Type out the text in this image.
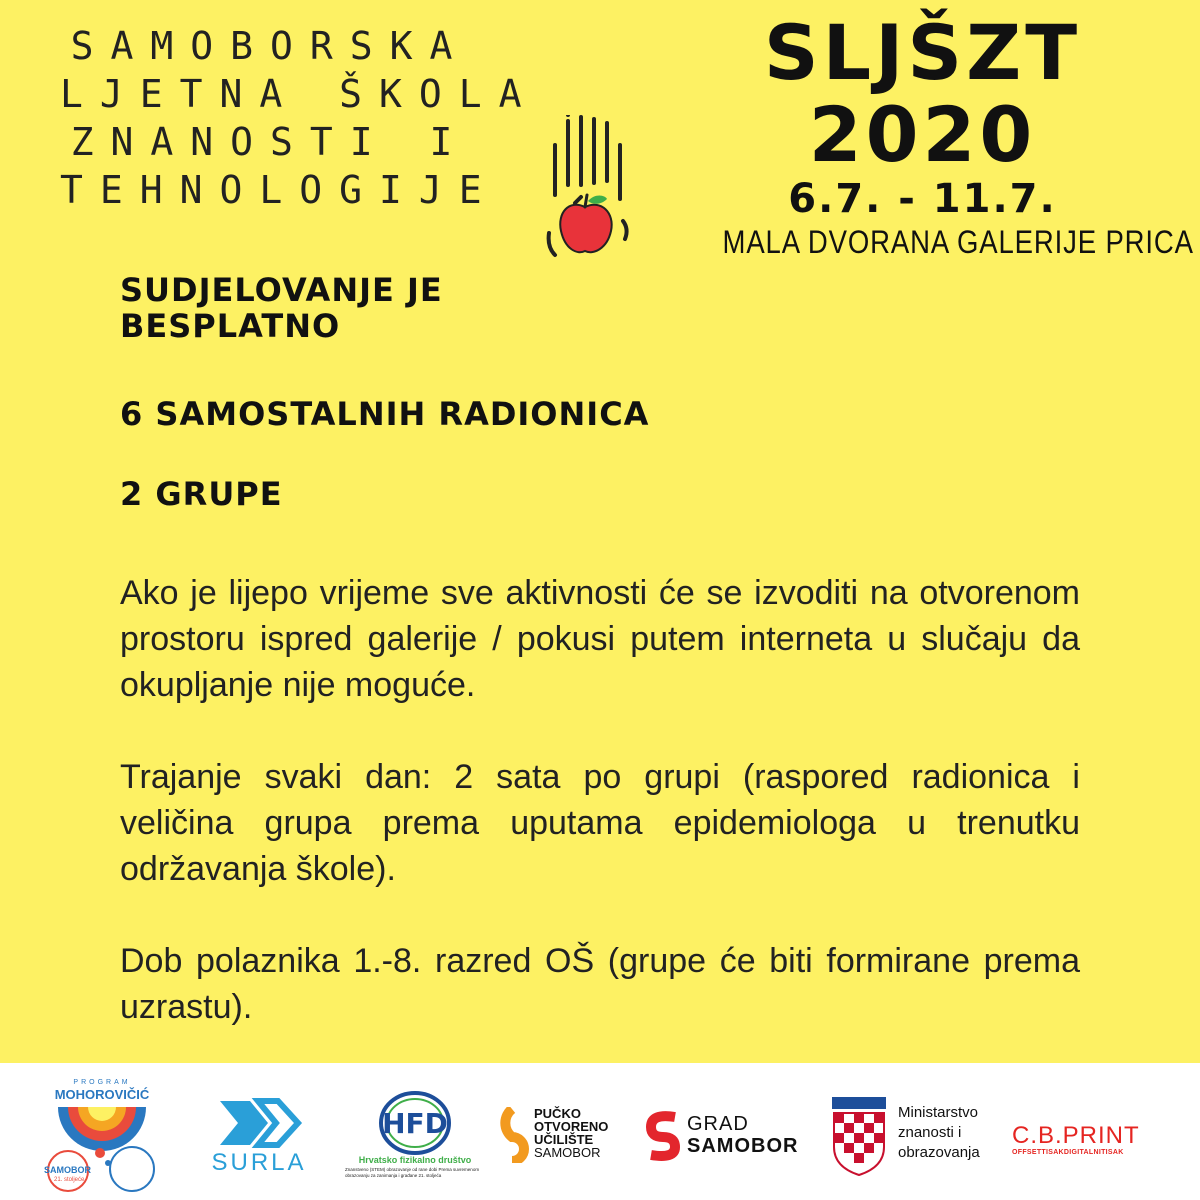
SAMOBORSKA
LJETNA ŠKOLA
ZNANOSTI I
TEHNOLOGIJE
SLJŠZT
2020
6.7. - 11.7.
MALA DVORANA GALERIJE PRICA
SUDJELOVANJE JE BESPLATNO
6 SAMOSTALNIH RADIONICA
2 GRUPE

Ako je lijepo vrijeme sve aktivnosti će se izvoditi na otvorenom prostoru ispred galerije / pokusi putem interneta u slučaju da okupljanje nije moguće.

Trajanje svaki dan: 2 sata po grupi (raspored radionica i veličina grupa prema uputama epidemiologa u trenutku održavanja škole).

Dob polaznika 1.-8. razred OŠ (grupe će biti formirane prema uzrastu).

PROGRAM
MOHOROVIČIĆ
SAMOBOR
21. stoljeće
SURLA
HFD
Hrvatsko fizikalno društvo
Znanstveno (STEM) obrazovanje od rane dobi Prema suvremenom obrazovanju za zanimanja i građane 21. stoljeća
PUČKO
OTVORENO
UČILIŠTE
SAMOBOR
GRAD
SAMOBOR
Ministarstvo
znanosti i
obrazovanja
C.B.PRINT
OFFSETTISAKDIGITALNITISAK
